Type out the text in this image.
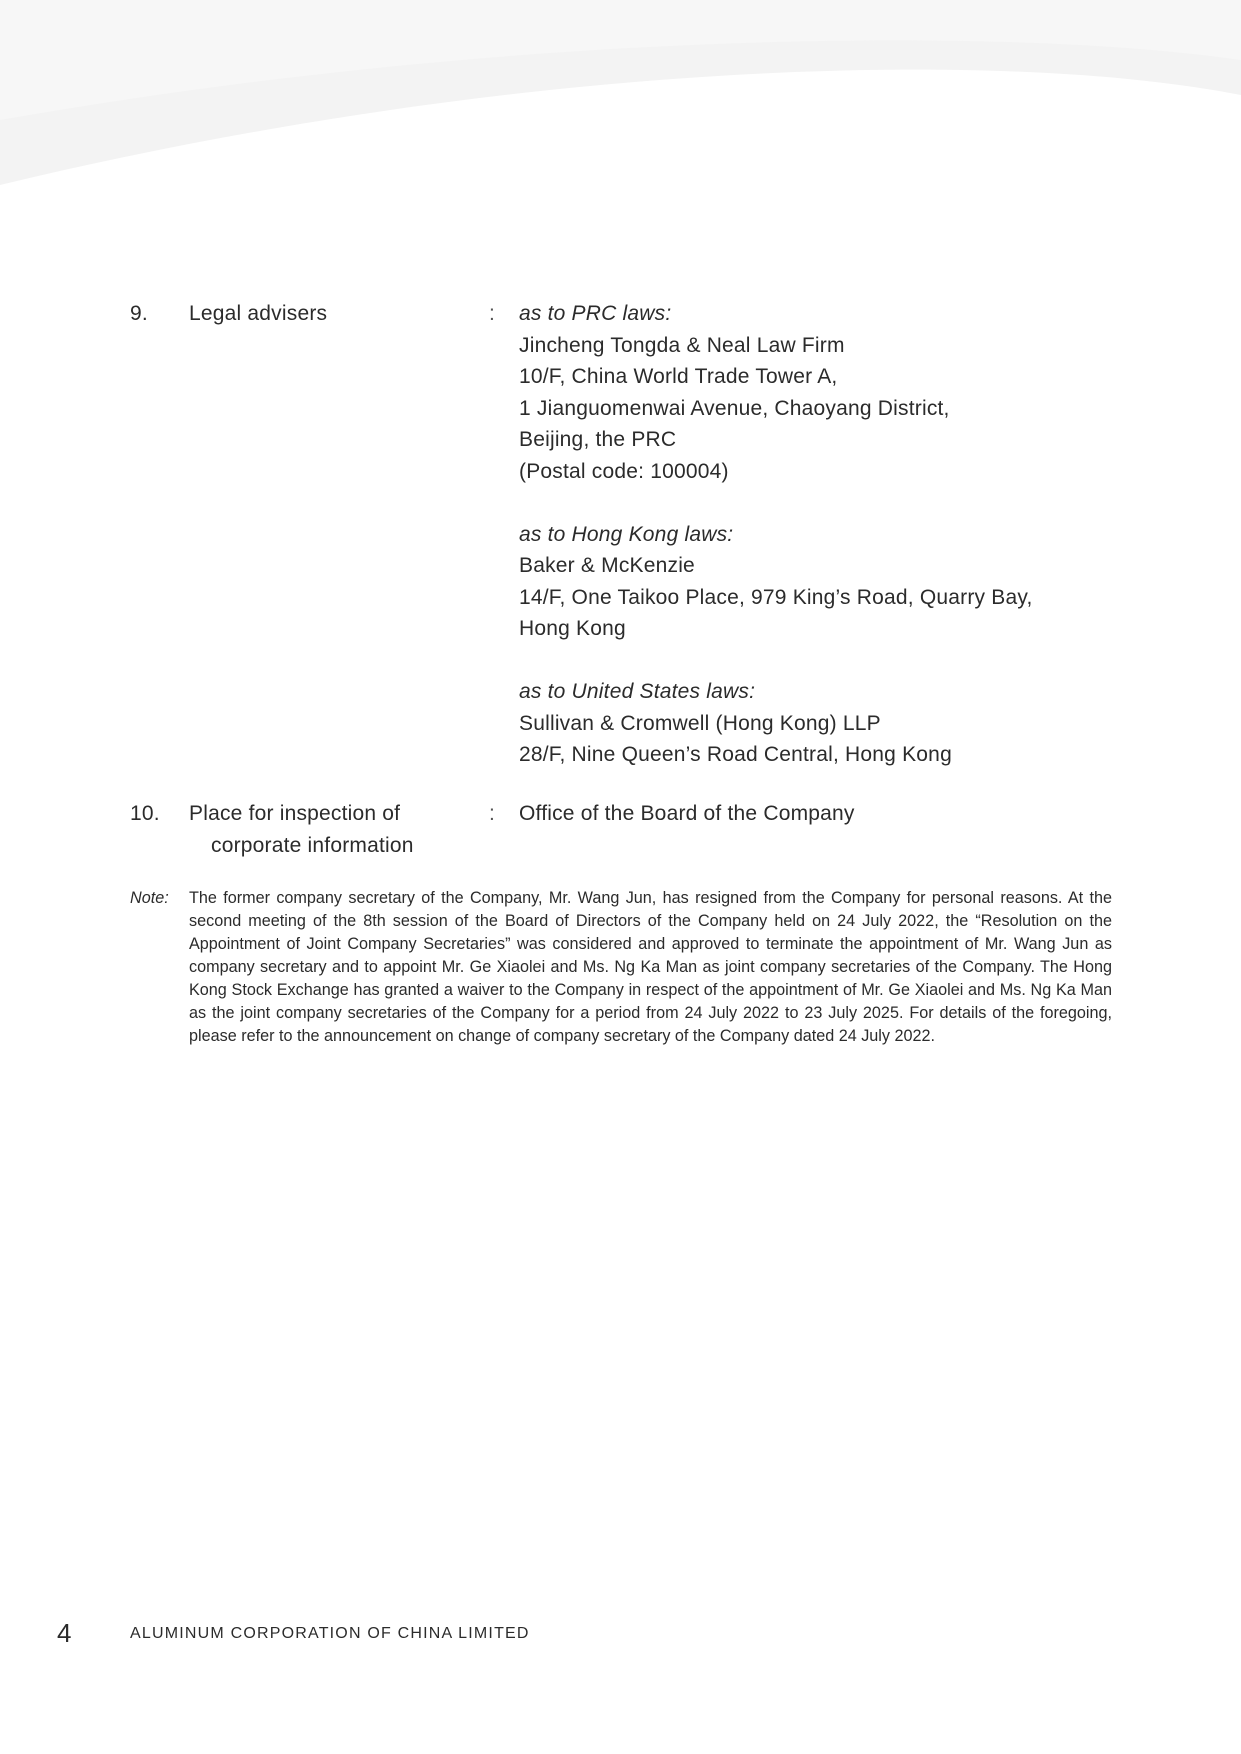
9. Legal advisers	: as to PRC laws:
Jincheng Tongda & Neal Law Firm
10/F, China World Trade Tower A,
1 Jianguomenwai Avenue, Chaoyang District,
Beijing, the PRC
(Postal code: 100004)
as to Hong Kong laws:
Baker & McKenzie
14/F, One Taikoo Place, 979 King’s Road, Quarry Bay,
Hong Kong
as to United States laws:
Sullivan & Cromwell (Hong Kong) LLP
28/F, Nine Queen’s Road Central, Hong Kong
10. Place for inspection of
corporate information
: Office of the Board of the Company
Note: The former company secretary of the Company, Mr. Wang Jun, has resigned from the Company for personal reasons. At the second meeting of the 8th session of the Board of Directors of the Company held on 24 July 2022, the “Resolution on the Appointment of Joint Company Secretaries” was considered and approved to terminate the appointment of Mr. Wang Jun as company secretary and to appoint Mr. Ge Xiaolei and Ms. Ng Ka Man as joint company secretaries of the Company. The Hong Kong Stock Exchange has granted a waiver to the Company in respect of the appointment of Mr. Ge Xiaolei and Ms. Ng Ka Man as the joint company secretaries of the Company for a period from 24 July 2022 to 23 July 2025. For details of the foregoing, please refer to the announcement on change of company secretary of the Company dated 24 July 2022.
4	ALUMINUM CORPORATION OF CHINA LIMITED
